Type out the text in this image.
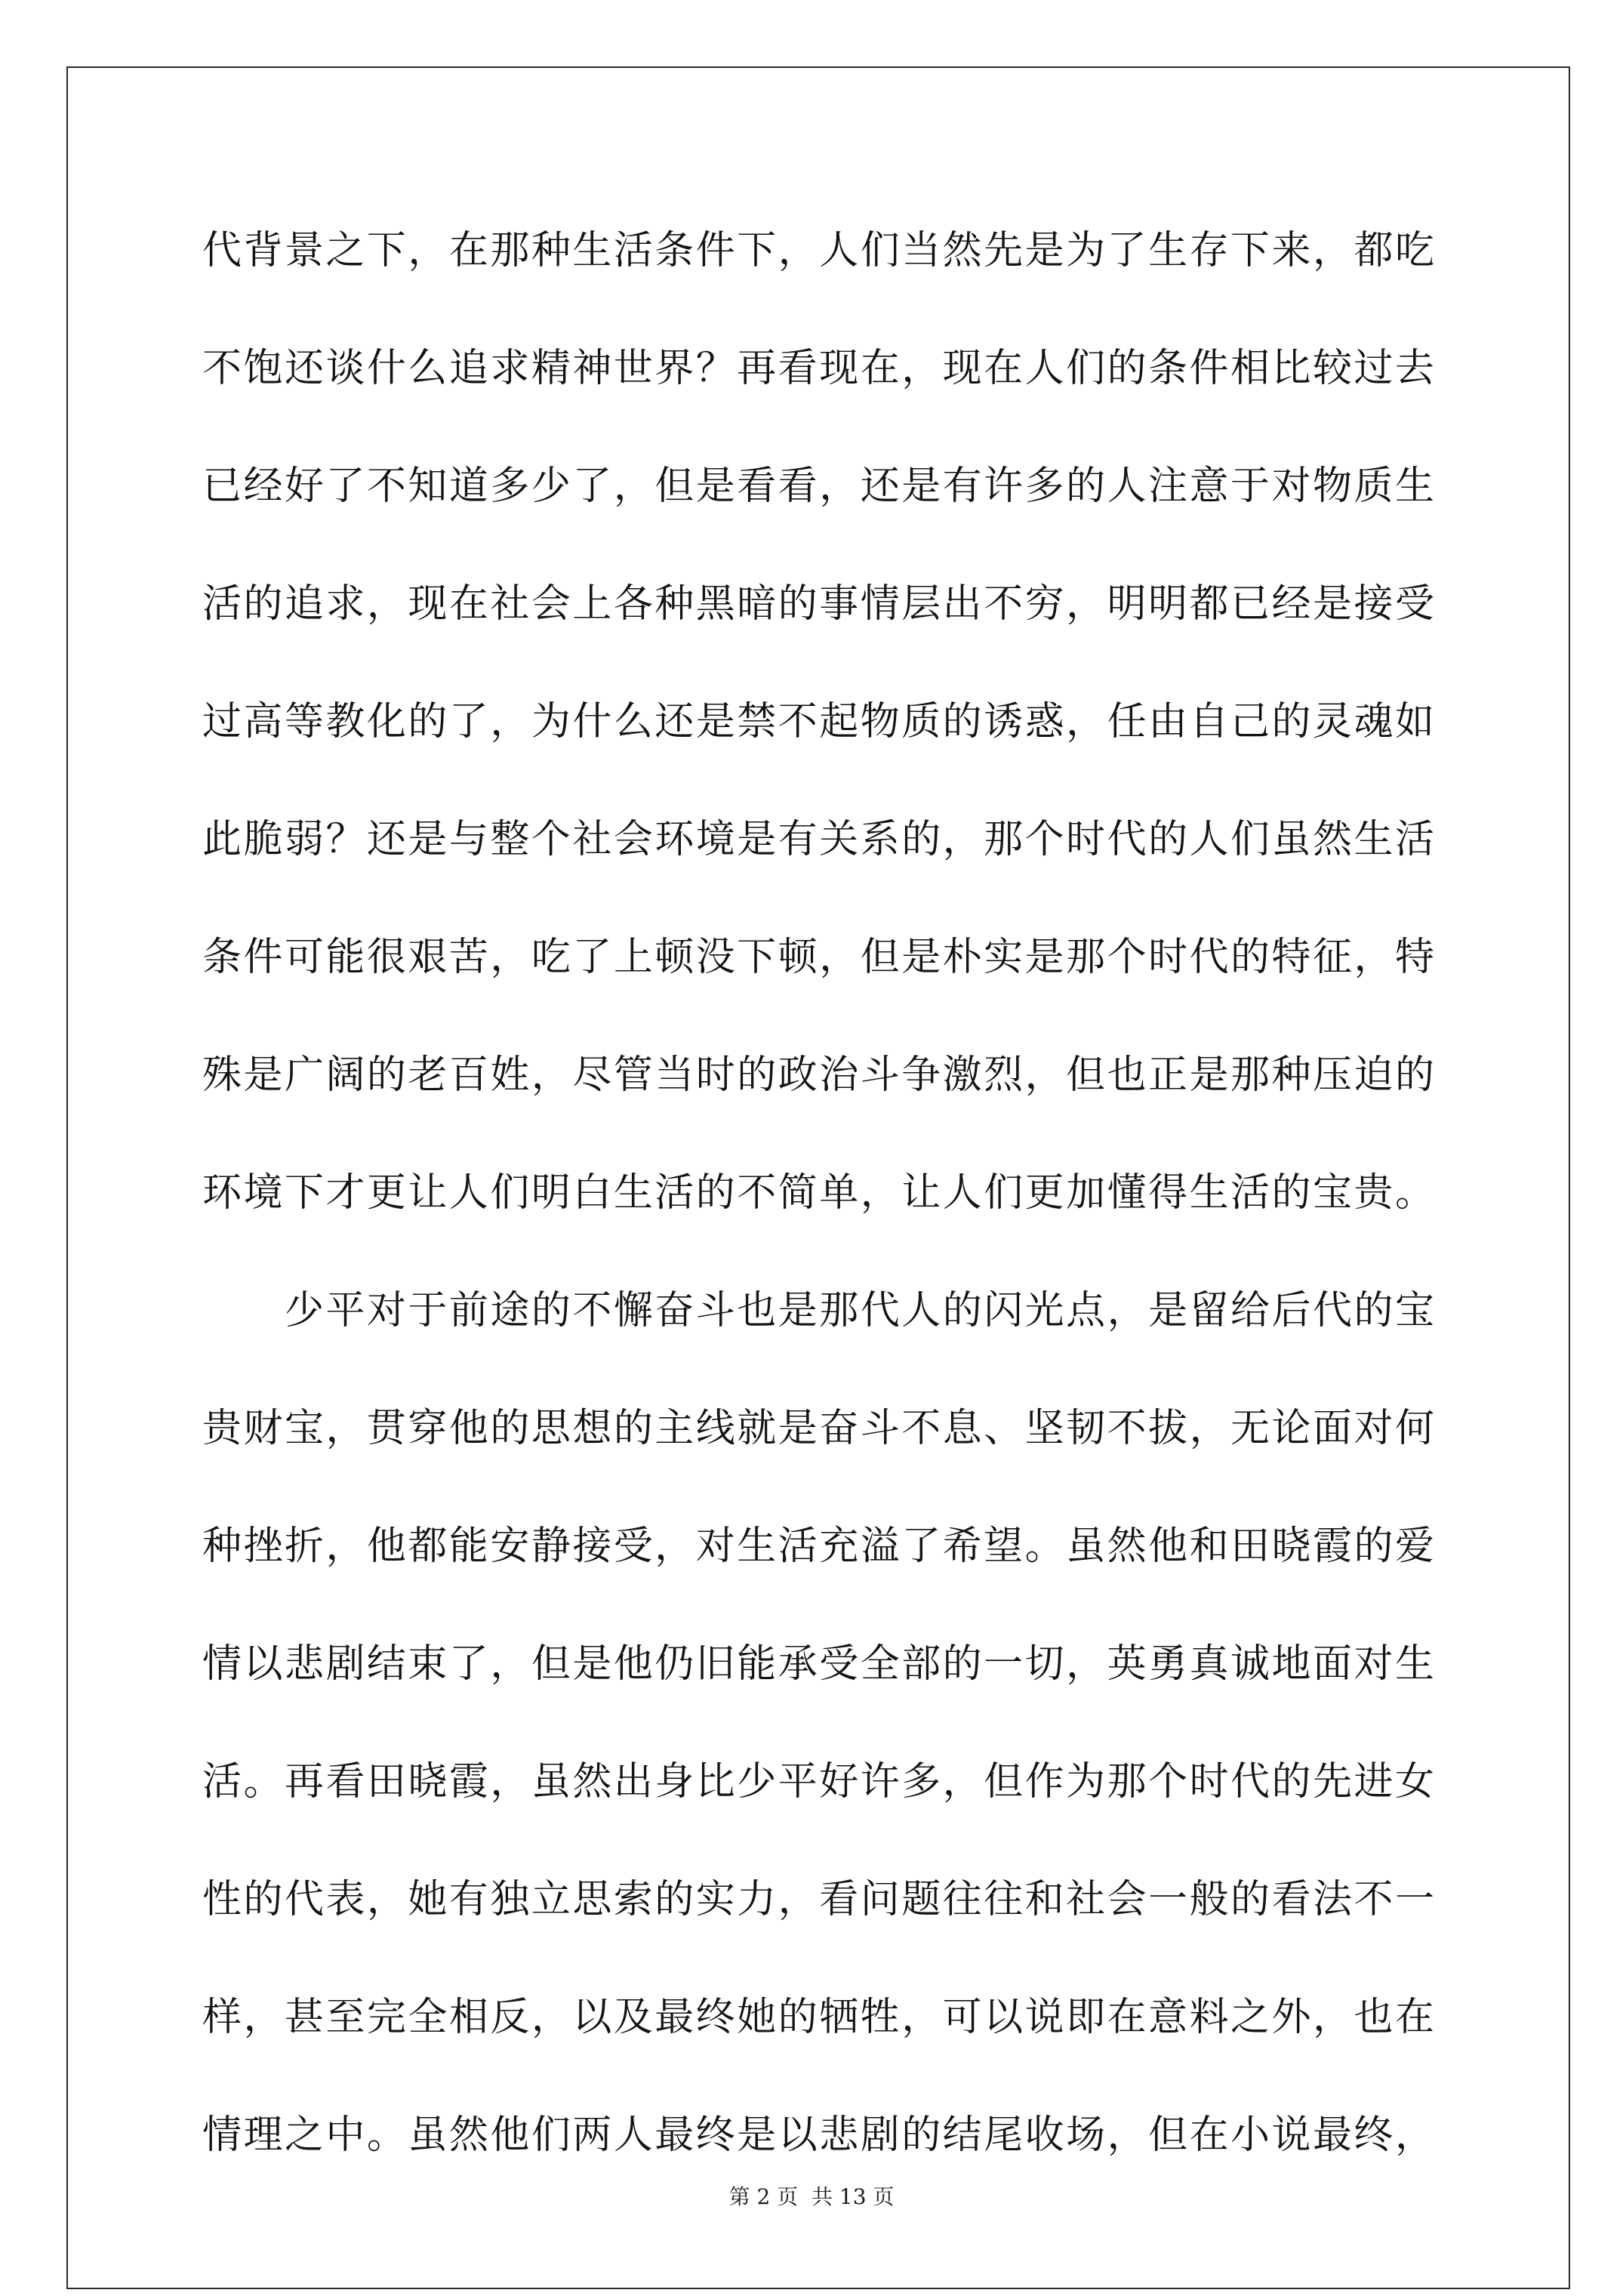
代背景之下，在那种生活条件下，人们当然先是为了生存下来，都吃
不饱还谈什么追求精神世界？再看现在，现在人们的条件相比较过去
已经好了不知道多少了，但是看看，还是有许多的人注意于对物质生
活的追求，现在社会上各种黑暗的事情层出不穷，明明都已经是接受
过高等教化的了，为什么还是禁不起物质的诱惑，任由自己的灵魂如
此脆弱？还是与整个社会环境是有关系的，那个时代的人们虽然生活
条件可能很艰苦，吃了上顿没下顿，但是朴实是那个时代的特征，特
殊是广阔的老百姓，尽管当时的政治斗争激烈，但也正是那种压迫的
环境下才更让人们明白生活的不简单，让人们更加懂得生活的宝贵。
少平对于前途的不懈奋斗也是那代人的闪光点，是留给后代的宝
贵财宝，贯穿他的思想的主线就是奋斗不息、坚韧不拔，无论面对何
种挫折，他都能安静接受，对生活充溢了希望。虽然他和田晓霞的爱
情以悲剧结束了，但是他仍旧能承受全部的一切，英勇真诚地面对生
活。再看田晓霞，虽然出身比少平好许多，但作为那个时代的先进女
性的代表，她有独立思索的实力，看问题往往和社会一般的看法不一
样，甚至完全相反，以及最终她的牺牲，可以说即在意料之外，也在
情理之中。虽然他们两人最终是以悲剧的结尾收场，但在小说最终，
第 2 页  共 13 页
